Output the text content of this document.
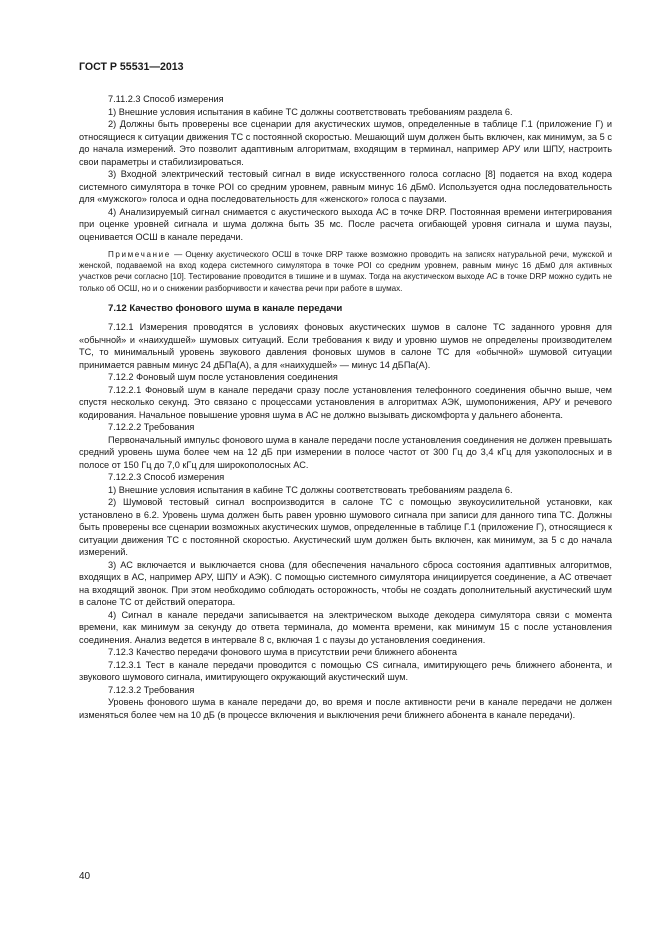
ГОСТ Р 55531—2013

7.11.2.3 Способ измерения

1) Внешние условия испытания в кабине ТС должны соответствовать требованиям раздела 6.

2) Должны быть проверены все сценарии для акустических шумов, определенные в таблице Г.1 (приложение Г) и относящиеся к ситуации движения ТС с постоянной скоростью. Мешающий шум должен быть включен, как минимум, за 5 с до начала измерений. Это позволит адаптивным алгоритмам, входящим в терминал, например АРУ или ШПУ, настроить свои параметры и стабилизироваться.

3) Входной электрический тестовый сигнал в виде искусственного голоса согласно [8] подается на вход кодера системного симулятора в точке POI со средним уровнем, равным минус 16 дБм0. Используется одна последовательность для «мужского» голоса и одна последовательность для «женского» голоса с паузами.

4) Анализируемый сигнал снимается с акустического выхода АС в точке DRP. Постоянная времени интегрирования при оценке уровней сигнала и шума должна быть 35 мс. После расчета огибающей уровня сигнала и шума паузы, оценивается ОСШ в канале передачи.

Примечание — Оценку акустического ОСШ в точке DRP также возможно проводить на записях натуральной речи, мужской и женской, подаваемой на вход кодера системного симулятора в точке POI со средним уровнем, равным минус 16 дБм0 для активных участков речи согласно [10]. Тестирование проводится в тишине и в шумах. Тогда на акустическом выходе АС в точке DRP можно судить не только об ОСШ, но и о снижении разборчивости и качества речи при работе в шумах.

7.12 Качество фонового шума в канале передачи

7.12.1 Измерения проводятся в условиях фоновых акустических шумов в салоне ТС заданного уровня для «обычной» и «наихудшей» шумовых ситуаций. Если требования к виду и уровню шумов не определены производителем ТС, то минимальный уровень звукового давления фоновых шумов в салоне ТС для «обычной» шумовой ситуации принимается равным минус 24 дБПа(А), а для «наихудшей» — минус 14 дБПа(А).

7.12.2 Фоновый шум после установления соединения

7.12.2.1 Фоновый шум в канале передачи сразу после установления телефонного соединения обычно выше, чем спустя несколько секунд. Это связано с процессами установления в алгоритмах АЭК, шумопонижения, АРУ и речевого кодирования. Начальное повышение уровня шума в АС не должно вызывать дискомфорта у дальнего абонента.

7.12.2.2 Требования

Первоначальный импульс фонового шума в канале передачи после установления соединения не должен превышать средний уровень шума более чем на 12 дБ при измерении в полосе частот от 300 Гц до 3,4 кГц для узкополосных и в полосе от 150 Гц до 7,0 кГц для широкополосных АС.

7.12.2.3 Способ измерения

1) Внешние условия испытания в кабине ТС должны соответствовать требованиям раздела 6.

2) Шумовой тестовый сигнал воспроизводится в салоне ТС с помощью звукоусилительной установки, как установлено в 6.2. Уровень шума должен быть равен уровню шумового сигнала при записи для данного типа ТС. Должны быть проверены все сценарии возможных акустических шумов, определенные в таблице Г.1 (приложение Г), относящиеся к ситуации движения ТС с постоянной скоростью. Акустический шум должен быть включен, как минимум, за 5 с до начала измерений.

3) АС включается и выключается снова (для обеспечения начального сброса состояния адаптивных алгоритмов, входящих в АС, например АРУ, ШПУ и АЭК). С помощью системного симулятора инициируется соединение, а АС отвечает на входящий звонок. При этом необходимо соблюдать осторожность, чтобы не создать дополнительный акустический шум в салоне ТС от действий оператора.

4) Сигнал в канале передачи записывается на электрическом выходе декодера симулятора связи с момента времени, как минимум за секунду до ответа терминала, до момента времени, как минимум 15 с после установления соединения. Анализ ведется в интервале 8 с, включая 1 с паузы до установления соединения.

7.12.3 Качество передачи фонового шума в присутствии речи ближнего абонента

7.12.3.1 Тест в канале передачи проводится с помощью CS сигнала, имитирующего речь ближнего абонента, и звукового шумового сигнала, имитирующего окружающий акустический шум.

7.12.3.2 Требования

Уровень фонового шума в канале передачи до, во время и после активности речи в канале передачи не должен изменяться более чем на 10 дБ (в процессе включения и выключения речи ближнего абонента в канале передачи).

40
